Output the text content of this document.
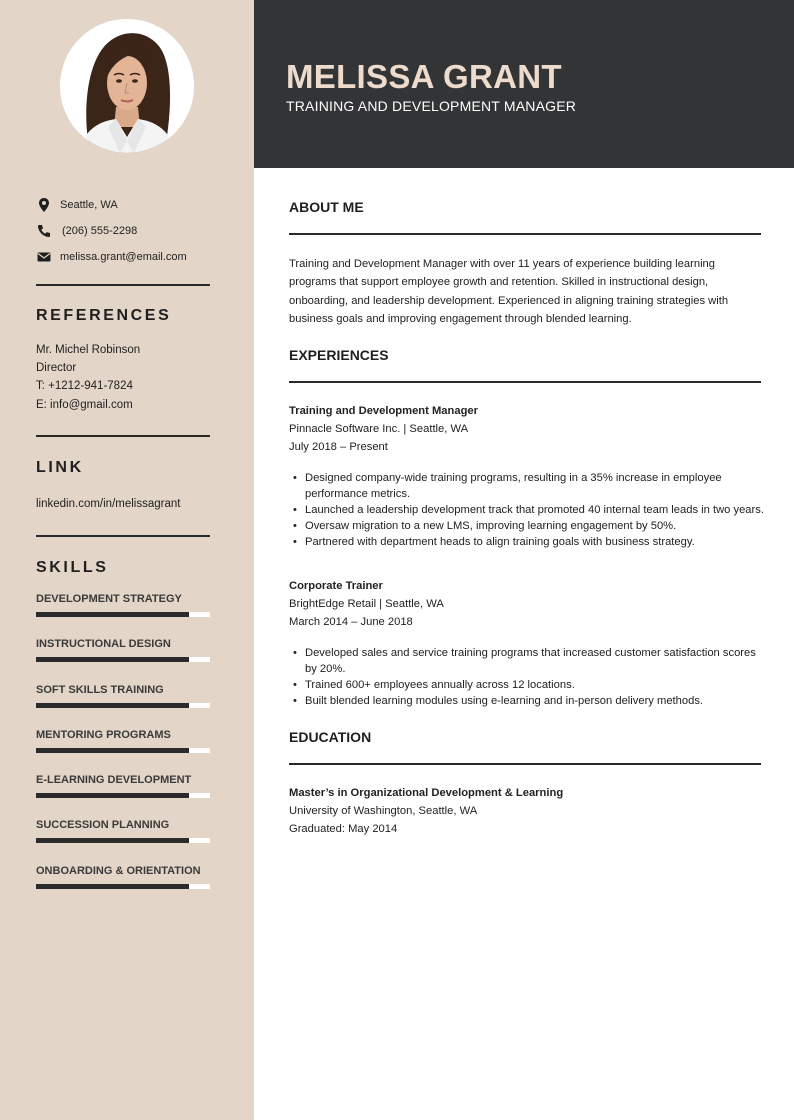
MELISSA GRANT
TRAINING AND DEVELOPMENT MANAGER
Seattle, WA
(206) 555-2298
melissa.grant@email.com
REFERENCES
Mr. Michel Robinson
Director
T: +1212-941-7824
E: info@gmail.com
LINK
linkedin.com/in/melissagrant
SKILLS
DEVELOPMENT STRATEGY
INSTRUCTIONAL DESIGN
SOFT SKILLS TRAINING
MENTORING PROGRAMS
E-LEARNING DEVELOPMENT
SUCCESSION PLANNING
ONBOARDING & ORIENTATION
ABOUT ME
Training and Development Manager with over 11 years of experience building learning programs that support employee growth and retention. Skilled in instructional design, onboarding, and leadership development. Experienced in aligning training strategies with business goals and improving engagement through blended learning.
EXPERIENCES
Training and Development Manager
Pinnacle Software Inc. | Seattle, WA
July 2018 – Present
• Designed company-wide training programs, resulting in a 35% increase in employee performance metrics.
• Launched a leadership development track that promoted 40 internal team leads in two years.
• Oversaw migration to a new LMS, improving learning engagement by 50%.
• Partnered with department heads to align training goals with business strategy.
Corporate Trainer
BrightEdge Retail | Seattle, WA
March 2014 – June 2018
• Developed sales and service training programs that increased customer satisfaction scores by 20%.
• Trained 600+ employees annually across 12 locations.
• Built blended learning modules using e-learning and in-person delivery methods.
EDUCATION
Master’s in Organizational Development & Learning
University of Washington, Seattle, WA
Graduated: May 2014
